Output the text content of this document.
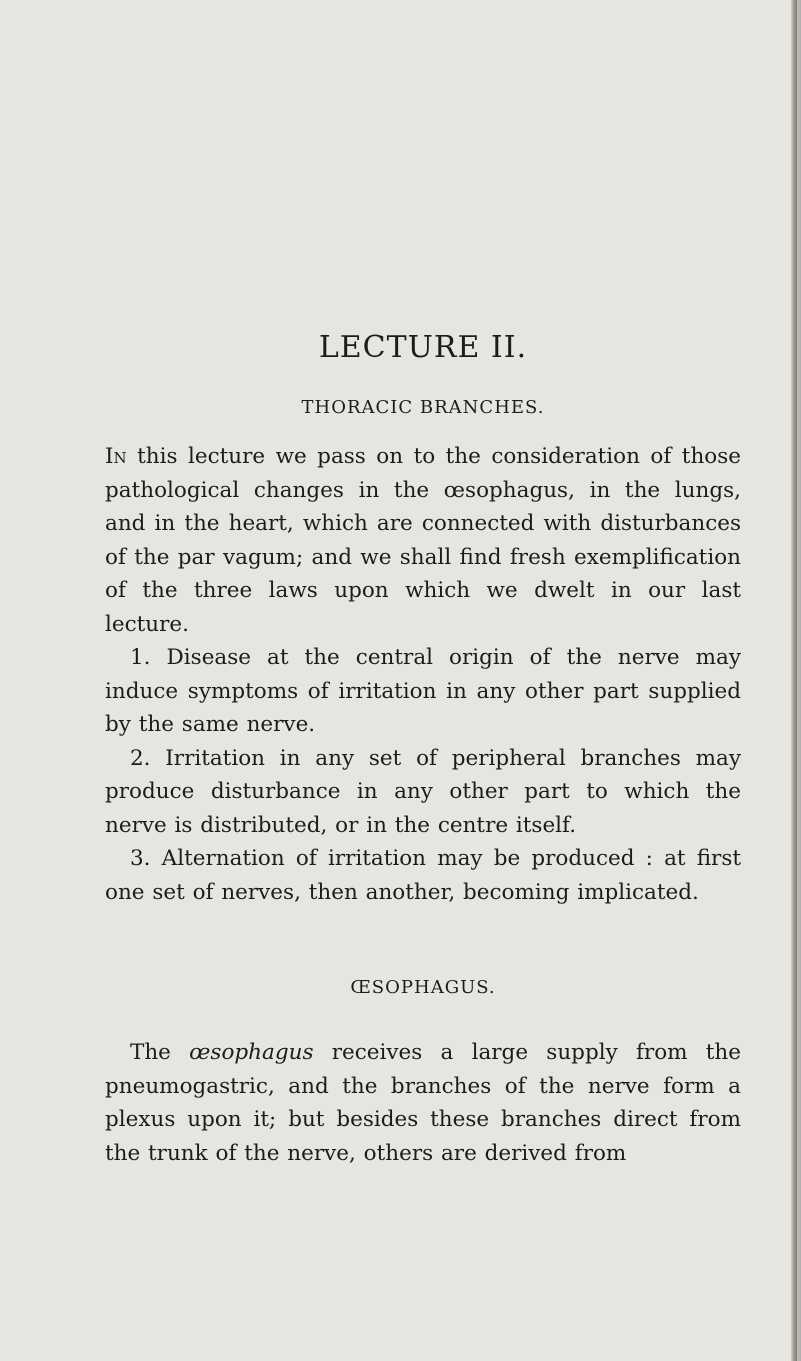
LECTURE II.
THORACIC BRANCHES.

In this lecture we pass on to the consideration of those pathological changes in the œsophagus, in the lungs, and in the heart, which are connected with disturbances of the par vagum; and we shall find fresh exemplification of the three laws upon which we dwelt in our last lecture.

1. Disease at the central origin of the nerve may induce symptoms of irritation in any other part supplied by the same nerve.

2. Irritation in any set of peripheral branches may produce disturbance in any other part to which the nerve is distributed, or in the centre itself.

3. Alternation of irritation may be produced : at first one set of nerves, then another, becoming implicated.

ŒSOPHAGUS.

The œsophagus receives a large supply from the pneumogastric, and the branches of the nerve form a plexus upon it; but besides these branches direct from the trunk of the nerve, others are derived from
